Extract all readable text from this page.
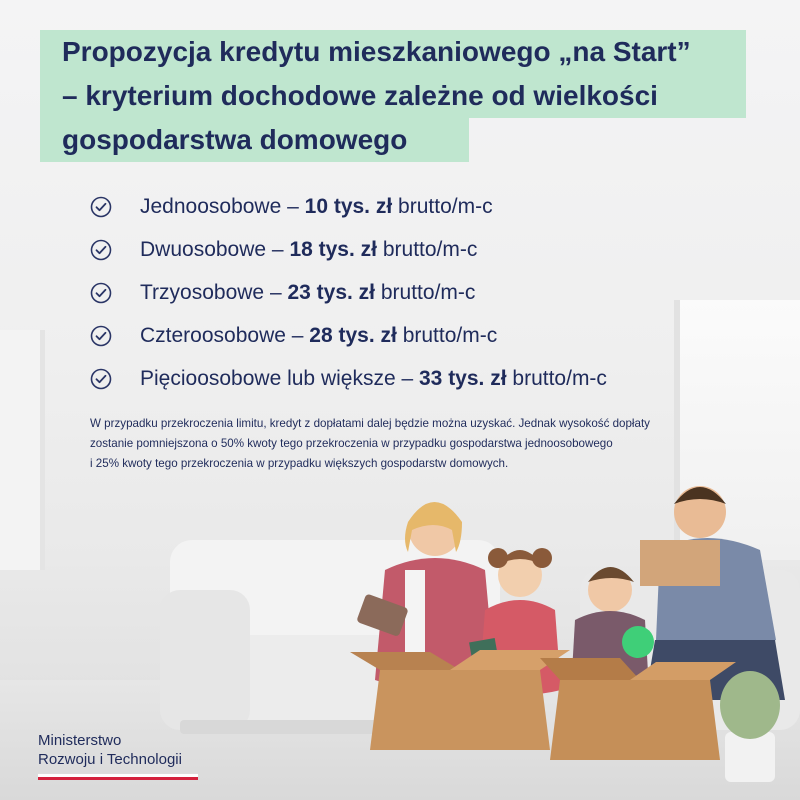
Propozycja kredytu mieszkaniowego „na Start”
– kryterium dochodowe zależne od wielkości
gospodarstwa domowego
Jednoosobowe –
10 tys. zł
brutto/m-c
Dwuosobowe –
18 tys. zł
brutto/m-c
Trzyosobowe –
23 tys. zł
brutto/m-c
Czteroosobowe –
28 tys. zł
brutto/m-c
Pięcioosobowe lub większe –
33 tys. zł
brutto/m-c
W przypadku przekroczenia limitu, kredyt z dopłatami dalej będzie można uzyskać. Jednak wysokość dopłaty
zostanie pomniejszona o 50% kwoty tego przekroczenia w przypadku gospodarstwa jednoosobowego
i 25% kwoty tego przekroczenia w przypadku większych gospodarstw domowych.
Ministerstwo
Rozwoju i Technologii
